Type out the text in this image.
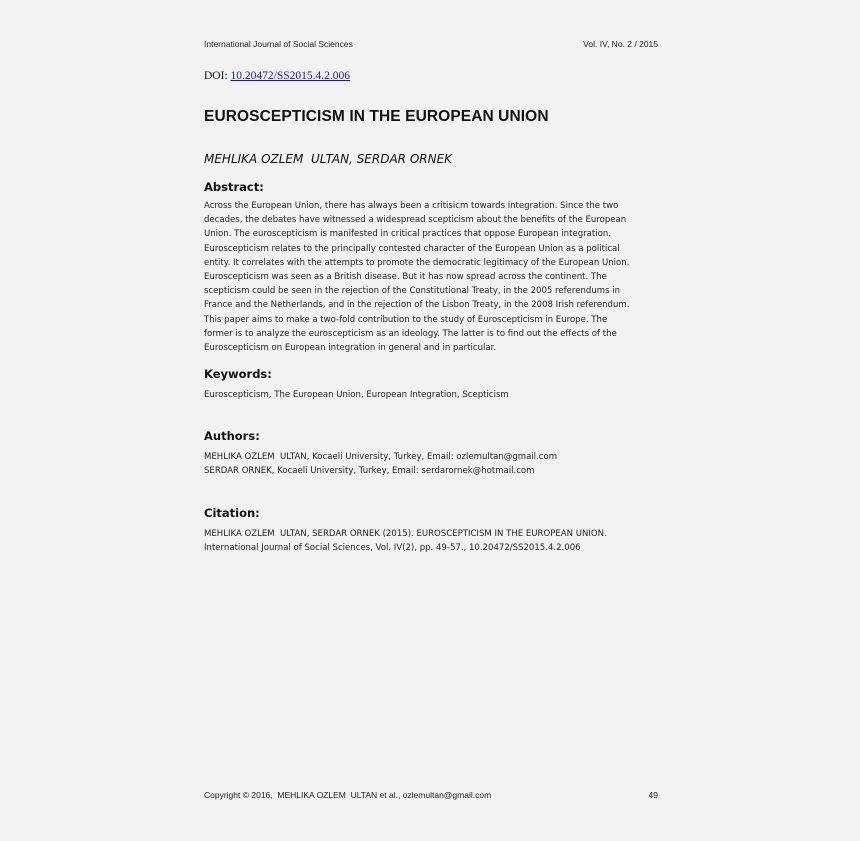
International Journal of Social Sciences	Vol. IV, No. 2 / 2015
DOI: 10.20472/SS2015.4.2.006
EUROSCEPTICISM IN THE EUROPEAN UNION
MEHLIKA OZLEM  ULTAN, SERDAR ORNEK
Abstract:
Across the European Union, there has always been a critisicm towards integration. Since the two
decades, the debates have witnessed a widespread scepticism about the benefits of the European
Union. The euroscepticism is manifested in critical practices that oppose European integration.
Euroscepticism relates to the principally contested character of the European Union as a political
entity. It correlates with the attempts to promote the democratic legitimacy of the European Union.
Euroscepticism was seen as a British disease. But it has now spread across the continent. The
scepticism could be seen in the rejection of the Constitutional Treaty, in the 2005 referendums in
France and the Netherlands, and in the rejection of the Lisbon Treaty, in the 2008 Irish referendum.
This paper aims to make a two-fold contribution to the study of Euroscepticism in Europe. The
former is to analyze the euroscepticism as an ideology. The latter is to find out the effects of the
Euroscepticism on European integration in general and in particular.
Keywords:
Euroscepticism, The European Union, European Integration, Scepticism
Authors:
MEHLIKA OZLEM  ULTAN, Kocaeli University, Turkey, Email: ozlemultan@gmail.com
SERDAR ORNEK, Kocaeli University, Turkey, Email: serdarornek@hotmail.com
Citation:
MEHLIKA OZLEM  ULTAN, SERDAR ORNEK (2015). EUROSCEPTICISM IN THE EUROPEAN UNION.
International Journal of Social Sciences, Vol. IV(2), pp. 49-57., 10.20472/SS2015.4.2.006
Copyright © 2016,  MEHLIKA OZLEM  ULTAN et al., ozlemultan@gmail.com	49
